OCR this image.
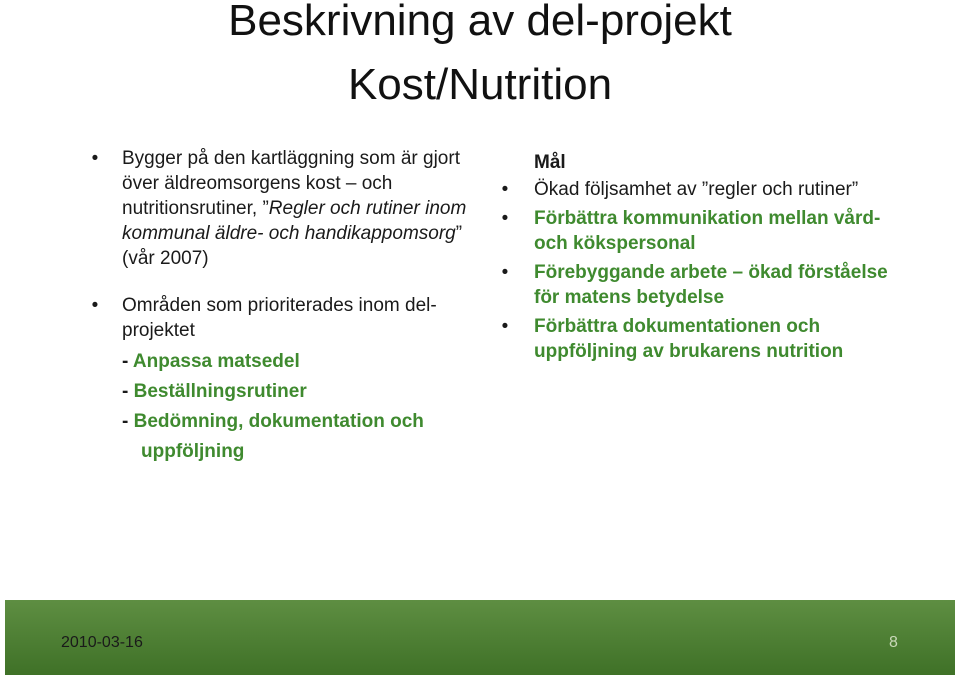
Beskrivning av del-projekt
Kost/Nutrition
• Bygger på den kartläggning som är gjort över äldreomsorgens kost – och nutritionsrutiner, ”Regler och rutiner inom kommunal äldre- och handikappomsorg” (vår 2007)
• Områden som prioriterades inom del-projektet
- Anpassa matsedel
- Beställningsrutiner
- Bedömning, dokumentation och
uppföljning
Mål
• Ökad följsamhet av ”regler och rutiner”
• Förbättra kommunikation mellan vård- och kökspersonal
• Förebyggande arbete – ökad förståelse för matens betydelse
• Förbättra dokumentationen och uppföljning av brukarens nutrition
2010-03-16	8
